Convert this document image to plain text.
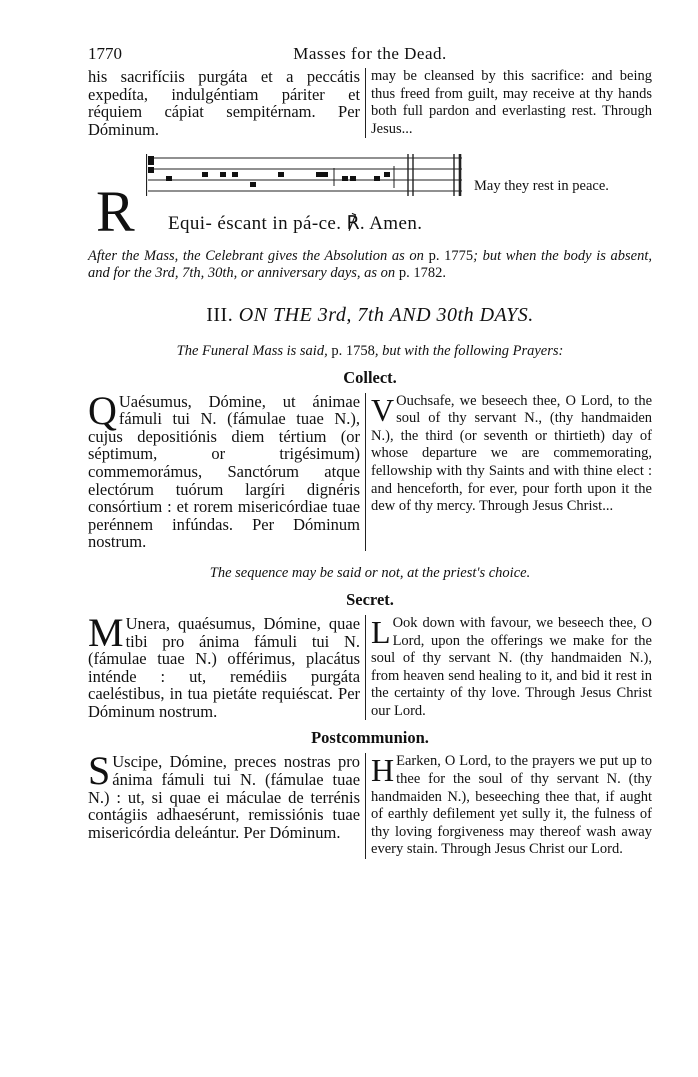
1770	Masses for the Dead.
his sacrifíciis purgáta et a peccátis expedíta, indulgéntiam páriter et réquiem cápiat sempitérnam. Per Dóminum.
may be cleansed by this sacrifice: and being thus freed from guilt, may receive at thy hands both full pardon and everlasting rest. Through Jesus...
R Equi- éscant in pá-ce. ℟. Amen.
May they rest in peace.
After the Mass, the Celebrant gives the Absolution as on p. 1775; but when the body is absent, and for the 3rd, 7th, 30th, or anniversary days, as on p. 1782.
III. ON THE 3rd, 7th AND 30th DAYS.
The Funeral Mass is said, p. 1758, but with the following Prayers:
Collect.
Q Uaésumus, Dómine, ut ánimae fámuli tui N. (fámulae tuae N.), cujus depositiónis diem tértium (or séptimum, or trigésimum) commemorámus, Sanctórum atque electórum tuórum largíri dignéris consórtium : et rorem misericórdiae tuae perénnem infúndas. Per Dóminum nostrum.
V Ouchsafe, we beseech thee, O Lord, to the soul of thy servant N., (thy handmaiden N.), the third (or seventh or thirtieth) day of whose departure we are commemorating, fellowship with thy Saints and with thine elect : and henceforth, for ever, pour forth upon it the dew of thy mercy. Through Jesus Christ...
The sequence may be said or not, at the priest's choice.
Secret.
M Unera, quaésumus, Dómine, quae tibi pro ánima fámuli tui N. (fámulae tuae N.) offérimus, placátus inténde : ut, remédiis purgáta caeléstibus, in tua pietáte requiéscat. Per Dóminum nostrum.
L Ook down with favour, we beseech thee, O Lord, upon the offerings we make for the soul of thy servant N. (thy handmaiden N.), from heaven send healing to it, and bid it rest in the certainty of thy love. Through Jesus Christ our Lord.
Postcommunion.
S Uscipe, Dómine, preces nostras pro ánima fámuli tui N. (fámulae tuae N.) : ut, si quae ei máculae de terrénis contágiis adhaesérunt, remissiónis tuae misericórdia deleántur. Per Dóminum.
H Earken, O Lord, to the prayers we put up to thee for the soul of thy servant N. (thy handmaiden N.), beseeching thee that, if aught of earthly defilement yet sully it, the fulness of thy loving forgiveness may thereof wash away every stain. Through Jesus Christ our Lord.
